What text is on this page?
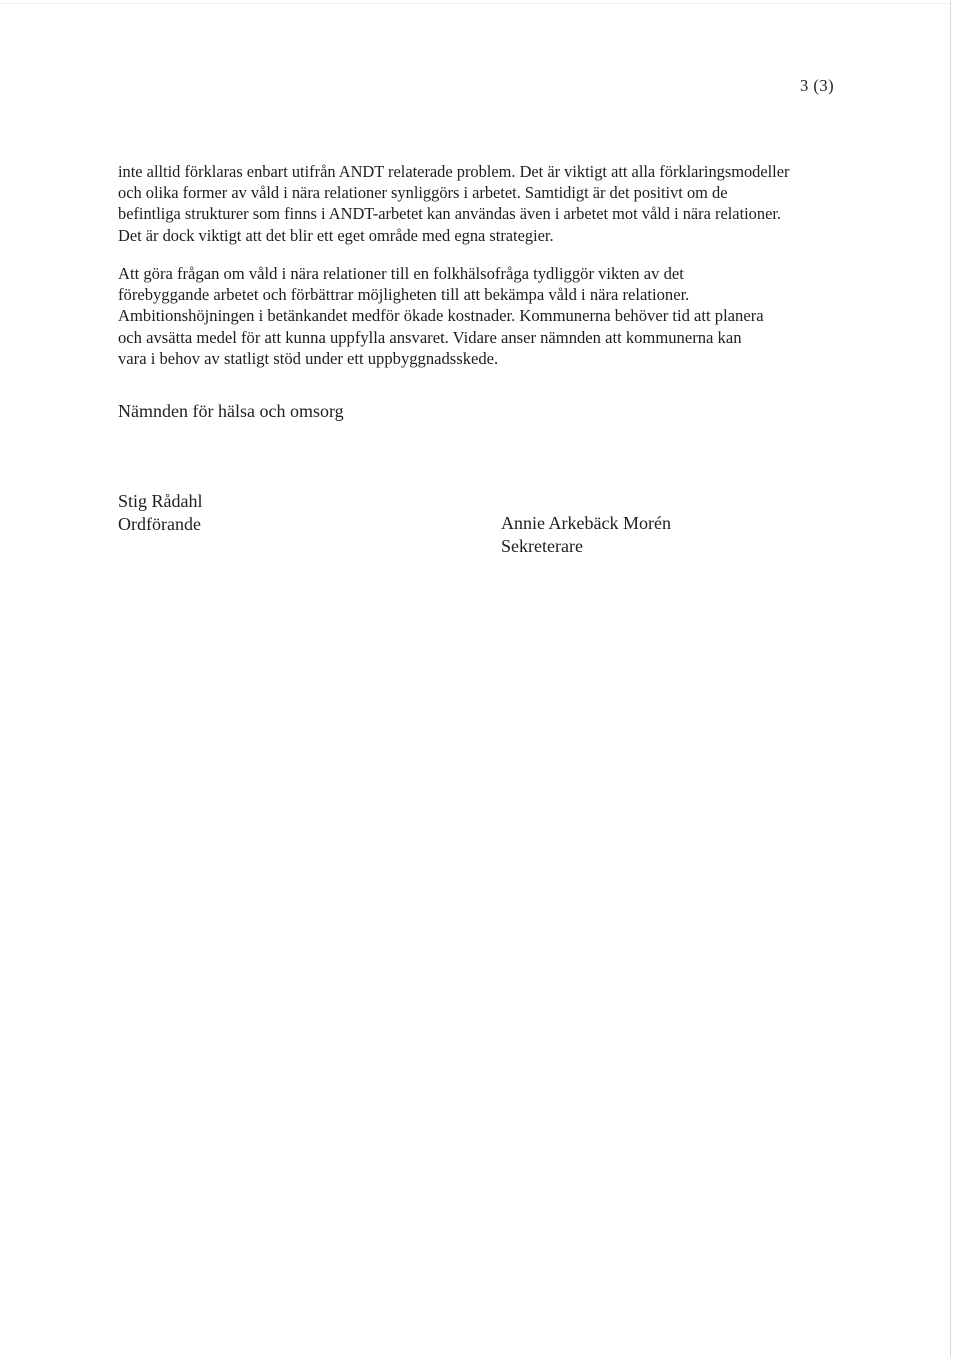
3 (3)

inte alltid förklaras enbart utifrån ANDT relaterade problem. Det är viktigt att alla förklaringsmodeller
och olika former av våld i nära relationer synliggörs i arbetet. Samtidigt är det positivt om de
befintliga strukturer som finns i ANDT-arbetet kan användas även i arbetet mot våld i nära relationer.
Det är dock viktigt att det blir ett eget område med egna strategier.

Att göra frågan om våld i nära relationer till en folkhälsofråga tydliggör vikten av det
förebyggande arbetet och förbättrar möjligheten till att bekämpa våld i nära relationer.
Ambitionshöjningen i betänkandet medför ökade kostnader. Kommunerna behöver tid att planera
och avsätta medel för att kunna uppfylla ansvaret. Vidare anser nämnden att kommunerna kan
vara i behov av statligt stöd under ett uppbyggnadsskede.

Nämnden för hälsa och omsorg
Stig Rådahl
Ordförande	Annie Arkebäck Morén
Sekreterare
